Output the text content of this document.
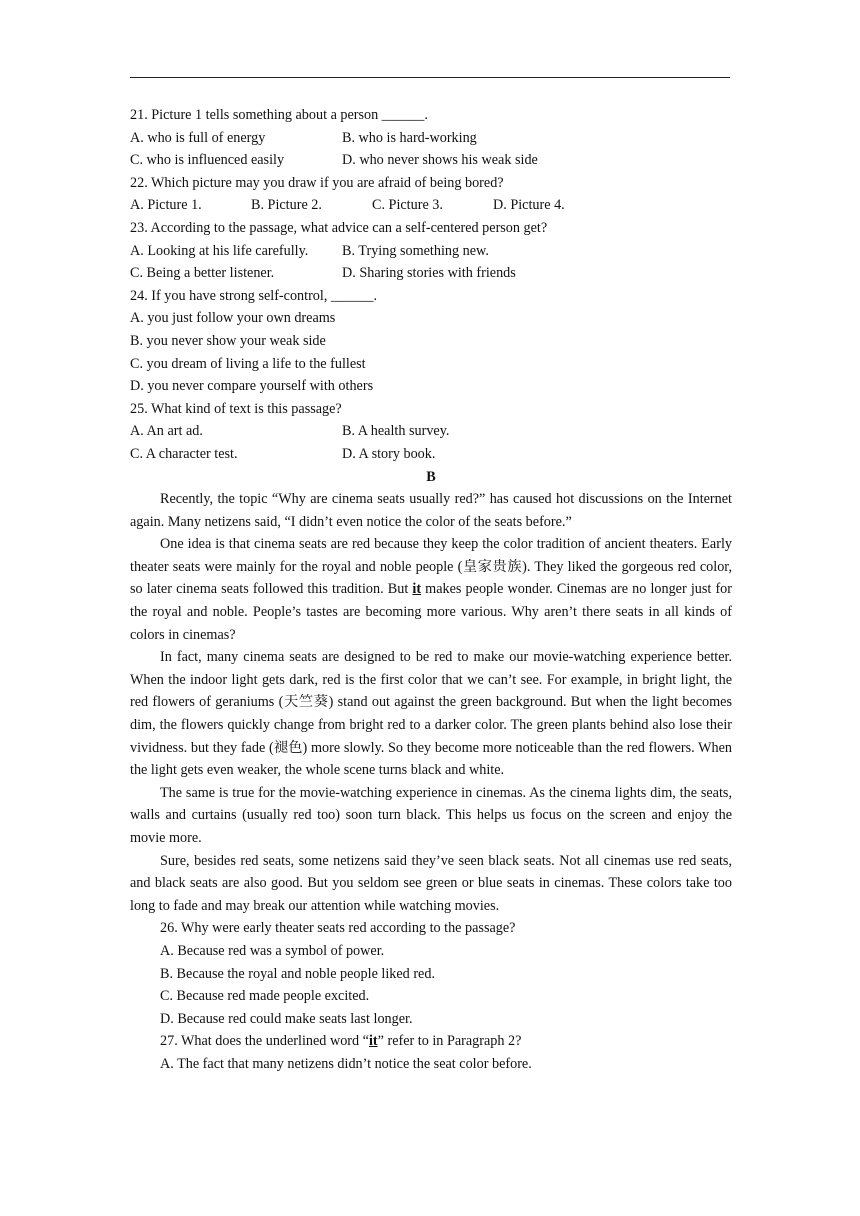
21. Picture 1 tells something about a person ______.
A. who is full of energy	B. who is hard-working
C. who is influenced easily	D. who never shows his weak side
22. Which picture may you draw if you are afraid of being bored?
A. Picture 1.	B. Picture 2.	C. Picture 3.	D. Picture 4.
23. According to the passage, what advice can a self-centered person get?
A. Looking at his life carefully.	B. Trying something new.
C. Being a better listener.	D. Sharing stories with friends
24. If you have strong self-control, ______.
A. you just follow your own dreams
B. you never show your weak side
C. you dream of living a life to the fullest
D. you never compare yourself with others
25. What kind of text is this passage?
A. An art ad.	B. A health survey.
C. A character test.	D. A story book.
B

Recently, the topic “Why are cinema seats usually red?” has caused hot discussions on the Internet again. Many netizens said, “I didn’t even notice the color of the seats before.”

One idea is that cinema seats are red because they keep the color tradition of ancient theaters. Early theater seats were mainly for the royal and noble people (皇家贵族). They liked the gorgeous red color, so later cinema seats followed this tradition. But it makes people wonder. Cinemas are no longer just for the royal and noble. People’s tastes are becoming more various. Why aren’t there seats in all kinds of colors in cinemas?

In fact, many cinema seats are designed to be red to make our movie-watching experience better. When the indoor light gets dark, red is the first color that we can’t see. For example, in bright light, the red flowers of geraniums (天竺葵) stand out against the green background. But when the light becomes dim, the flowers quickly change from bright red to a darker color. The green plants behind also lose their vividness. but they fade (褪色) more slowly. So they become more noticeable than the red flowers. When the light gets even weaker, the whole scene turns black and white.

The same is true for the movie-watching experience in cinemas. As the cinema lights dim, the seats, walls and curtains (usually red too) soon turn black. This helps us focus on the screen and enjoy the movie more.

Sure, besides red seats, some netizens said they’ve seen black seats. Not all cinemas use red seats, and black seats are also good. But you seldom see green or blue seats in cinemas. These colors take too long to fade and may break our attention while watching movies.

26. Why were early theater seats red according to the passage?
A. Because red was a symbol of power.
B. Because the royal and noble people liked red.
C. Because red made people excited.
D. Because red could make seats last longer.
27. What does the underlined word “it” refer to in Paragraph 2?
A. The fact that many netizens didn’t notice the seat color before.
